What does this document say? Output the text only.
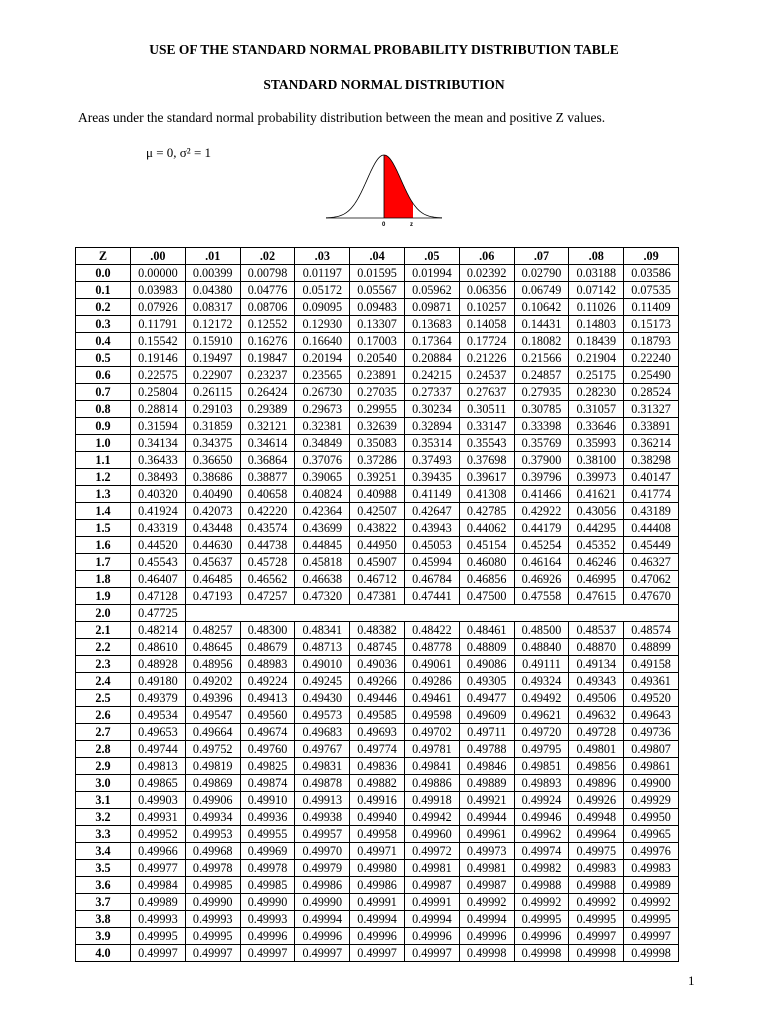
USE OF THE STANDARD NORMAL PROBABILITY DISTRIBUTION TABLE
STANDARD NORMAL DISTRIBUTION
Areas under the standard normal probability distribution between the mean and positive Z values.
μ = 0, σ² = 1
0	z
Z	.00	.01	.02	.03	.04	.05	.06	.07	.08	.09
0.0	0.00000	0.00399	0.00798	0.01197	0.01595	0.01994	0.02392	0.02790	0.03188	0.03586
0.1	0.03983	0.04380	0.04776	0.05172	0.05567	0.05962	0.06356	0.06749	0.07142	0.07535
0.2	0.07926	0.08317	0.08706	0.09095	0.09483	0.09871	0.10257	0.10642	0.11026	0.11409
0.3	0.11791	0.12172	0.12552	0.12930	0.13307	0.13683	0.14058	0.14431	0.14803	0.15173
0.4	0.15542	0.15910	0.16276	0.16640	0.17003	0.17364	0.17724	0.18082	0.18439	0.18793
0.5	0.19146	0.19497	0.19847	0.20194	0.20540	0.20884	0.21226	0.21566	0.21904	0.22240
0.6	0.22575	0.22907	0.23237	0.23565	0.23891	0.24215	0.24537	0.24857	0.25175	0.25490
0.7	0.25804	0.26115	0.26424	0.26730	0.27035	0.27337	0.27637	0.27935	0.28230	0.28524
0.8	0.28814	0.29103	0.29389	0.29673	0.29955	0.30234	0.30511	0.30785	0.31057	0.31327
0.9	0.31594	0.31859	0.32121	0.32381	0.32639	0.32894	0.33147	0.33398	0.33646	0.33891
1.0	0.34134	0.34375	0.34614	0.34849	0.35083	0.35314	0.35543	0.35769	0.35993	0.36214
1.1	0.36433	0.36650	0.36864	0.37076	0.37286	0.37493	0.37698	0.37900	0.38100	0.38298
1.2	0.38493	0.38686	0.38877	0.39065	0.39251	0.39435	0.39617	0.39796	0.39973	0.40147
1.3	0.40320	0.40490	0.40658	0.40824	0.40988	0.41149	0.41308	0.41466	0.41621	0.41774
1.4	0.41924	0.42073	0.42220	0.42364	0.42507	0.42647	0.42785	0.42922	0.43056	0.43189
1.5	0.43319	0.43448	0.43574	0.43699	0.43822	0.43943	0.44062	0.44179	0.44295	0.44408
1.6	0.44520	0.44630	0.44738	0.44845	0.44950	0.45053	0.45154	0.45254	0.45352	0.45449
1.7	0.45543	0.45637	0.45728	0.45818	0.45907	0.45994	0.46080	0.46164	0.46246	0.46327
1.8	0.46407	0.46485	0.46562	0.46638	0.46712	0.46784	0.46856	0.46926	0.46995	0.47062
1.9	0.47128	0.47193	0.47257	0.47320	0.47381	0.47441	0.47500	0.47558	0.47615	0.47670
2.0	0.47725									
2.1	0.48214	0.48257	0.48300	0.48341	0.48382	0.48422	0.48461	0.48500	0.48537	0.48574
2.2	0.48610	0.48645	0.48679	0.48713	0.48745	0.48778	0.48809	0.48840	0.48870	0.48899
2.3	0.48928	0.48956	0.48983	0.49010	0.49036	0.49061	0.49086	0.49111	0.49134	0.49158
2.4	0.49180	0.49202	0.49224	0.49245	0.49266	0.49286	0.49305	0.49324	0.49343	0.49361
2.5	0.49379	0.49396	0.49413	0.49430	0.49446	0.49461	0.49477	0.49492	0.49506	0.49520
2.6	0.49534	0.49547	0.49560	0.49573	0.49585	0.49598	0.49609	0.49621	0.49632	0.49643
2.7	0.49653	0.49664	0.49674	0.49683	0.49693	0.49702	0.49711	0.49720	0.49728	0.49736
2.8	0.49744	0.49752	0.49760	0.49767	0.49774	0.49781	0.49788	0.49795	0.49801	0.49807
2.9	0.49813	0.49819	0.49825	0.49831	0.49836	0.49841	0.49846	0.49851	0.49856	0.49861
3.0	0.49865	0.49869	0.49874	0.49878	0.49882	0.49886	0.49889	0.49893	0.49896	0.49900
3.1	0.49903	0.49906	0.49910	0.49913	0.49916	0.49918	0.49921	0.49924	0.49926	0.49929
3.2	0.49931	0.49934	0.49936	0.49938	0.49940	0.49942	0.49944	0.49946	0.49948	0.49950
3.3	0.49952	0.49953	0.49955	0.49957	0.49958	0.49960	0.49961	0.49962	0.49964	0.49965
3.4	0.49966	0.49968	0.49969	0.49970	0.49971	0.49972	0.49973	0.49974	0.49975	0.49976
3.5	0.49977	0.49978	0.49978	0.49979	0.49980	0.49981	0.49981	0.49982	0.49983	0.49983
3.6	0.49984	0.49985	0.49985	0.49986	0.49986	0.49987	0.49987	0.49988	0.49988	0.49989
3.7	0.49989	0.49990	0.49990	0.49990	0.49991	0.49991	0.49992	0.49992	0.49992	0.49992
3.8	0.49993	0.49993	0.49993	0.49994	0.49994	0.49994	0.49994	0.49995	0.49995	0.49995
3.9	0.49995	0.49995	0.49996	0.49996	0.49996	0.49996	0.49996	0.49996	0.49997	0.49997
4.0	0.49997	0.49997	0.49997	0.49997	0.49997	0.49997	0.49998	0.49998	0.49998	0.49998
1
